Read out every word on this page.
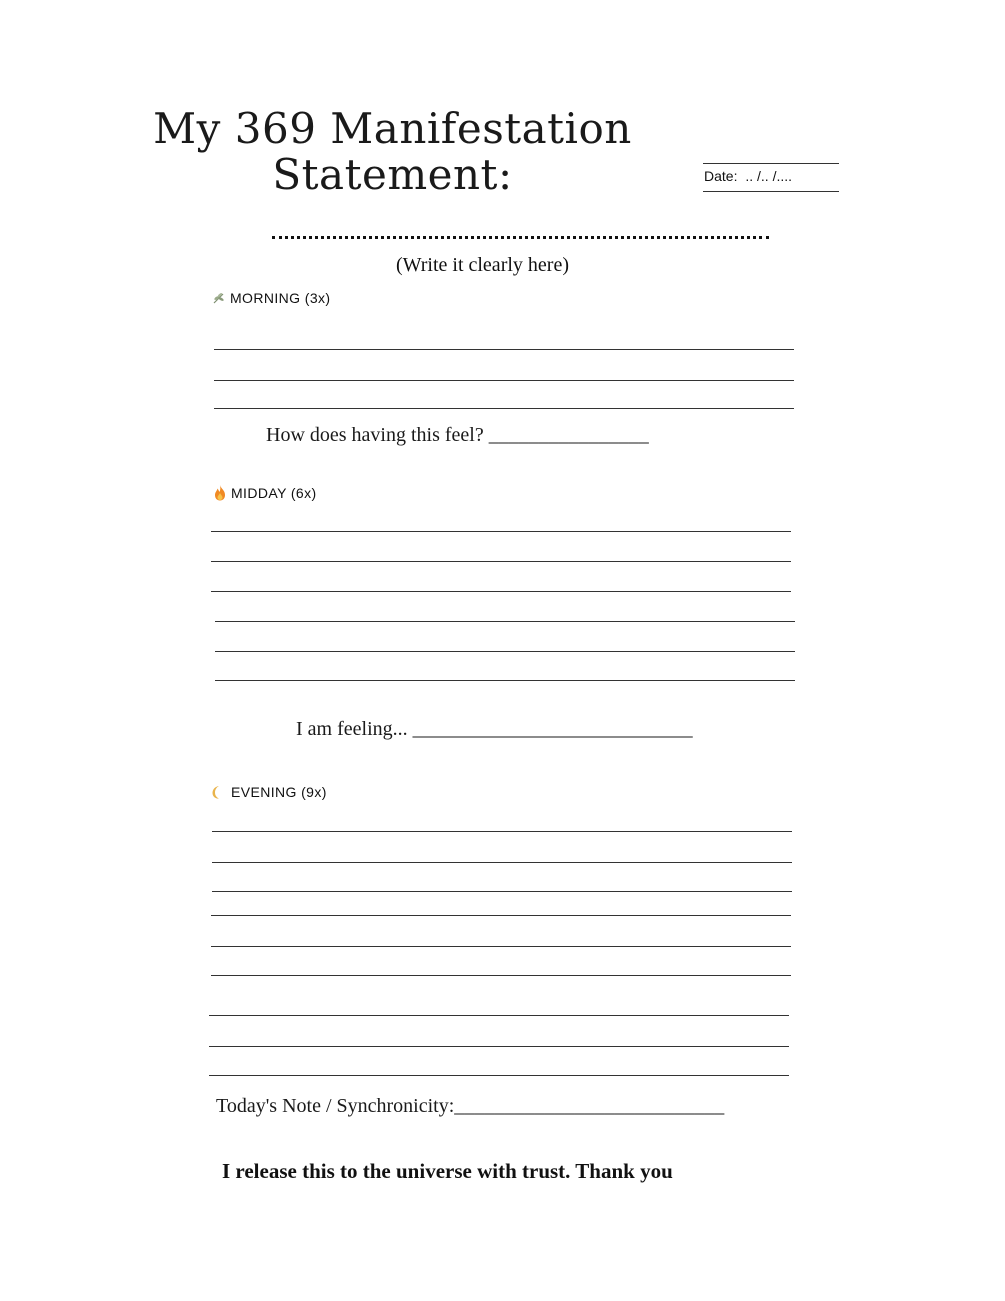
My 369 Manifestation
Statement:	Date: .. /.. /....
(Write it clearly here)
MORNING (3x)
How does having this feel? ________________
MIDDAY (6x)
I am feeling... ____________________________
EVENING (9x)
Today's Note / Synchronicity:___________________________
I release this to the universe with trust. Thank you
